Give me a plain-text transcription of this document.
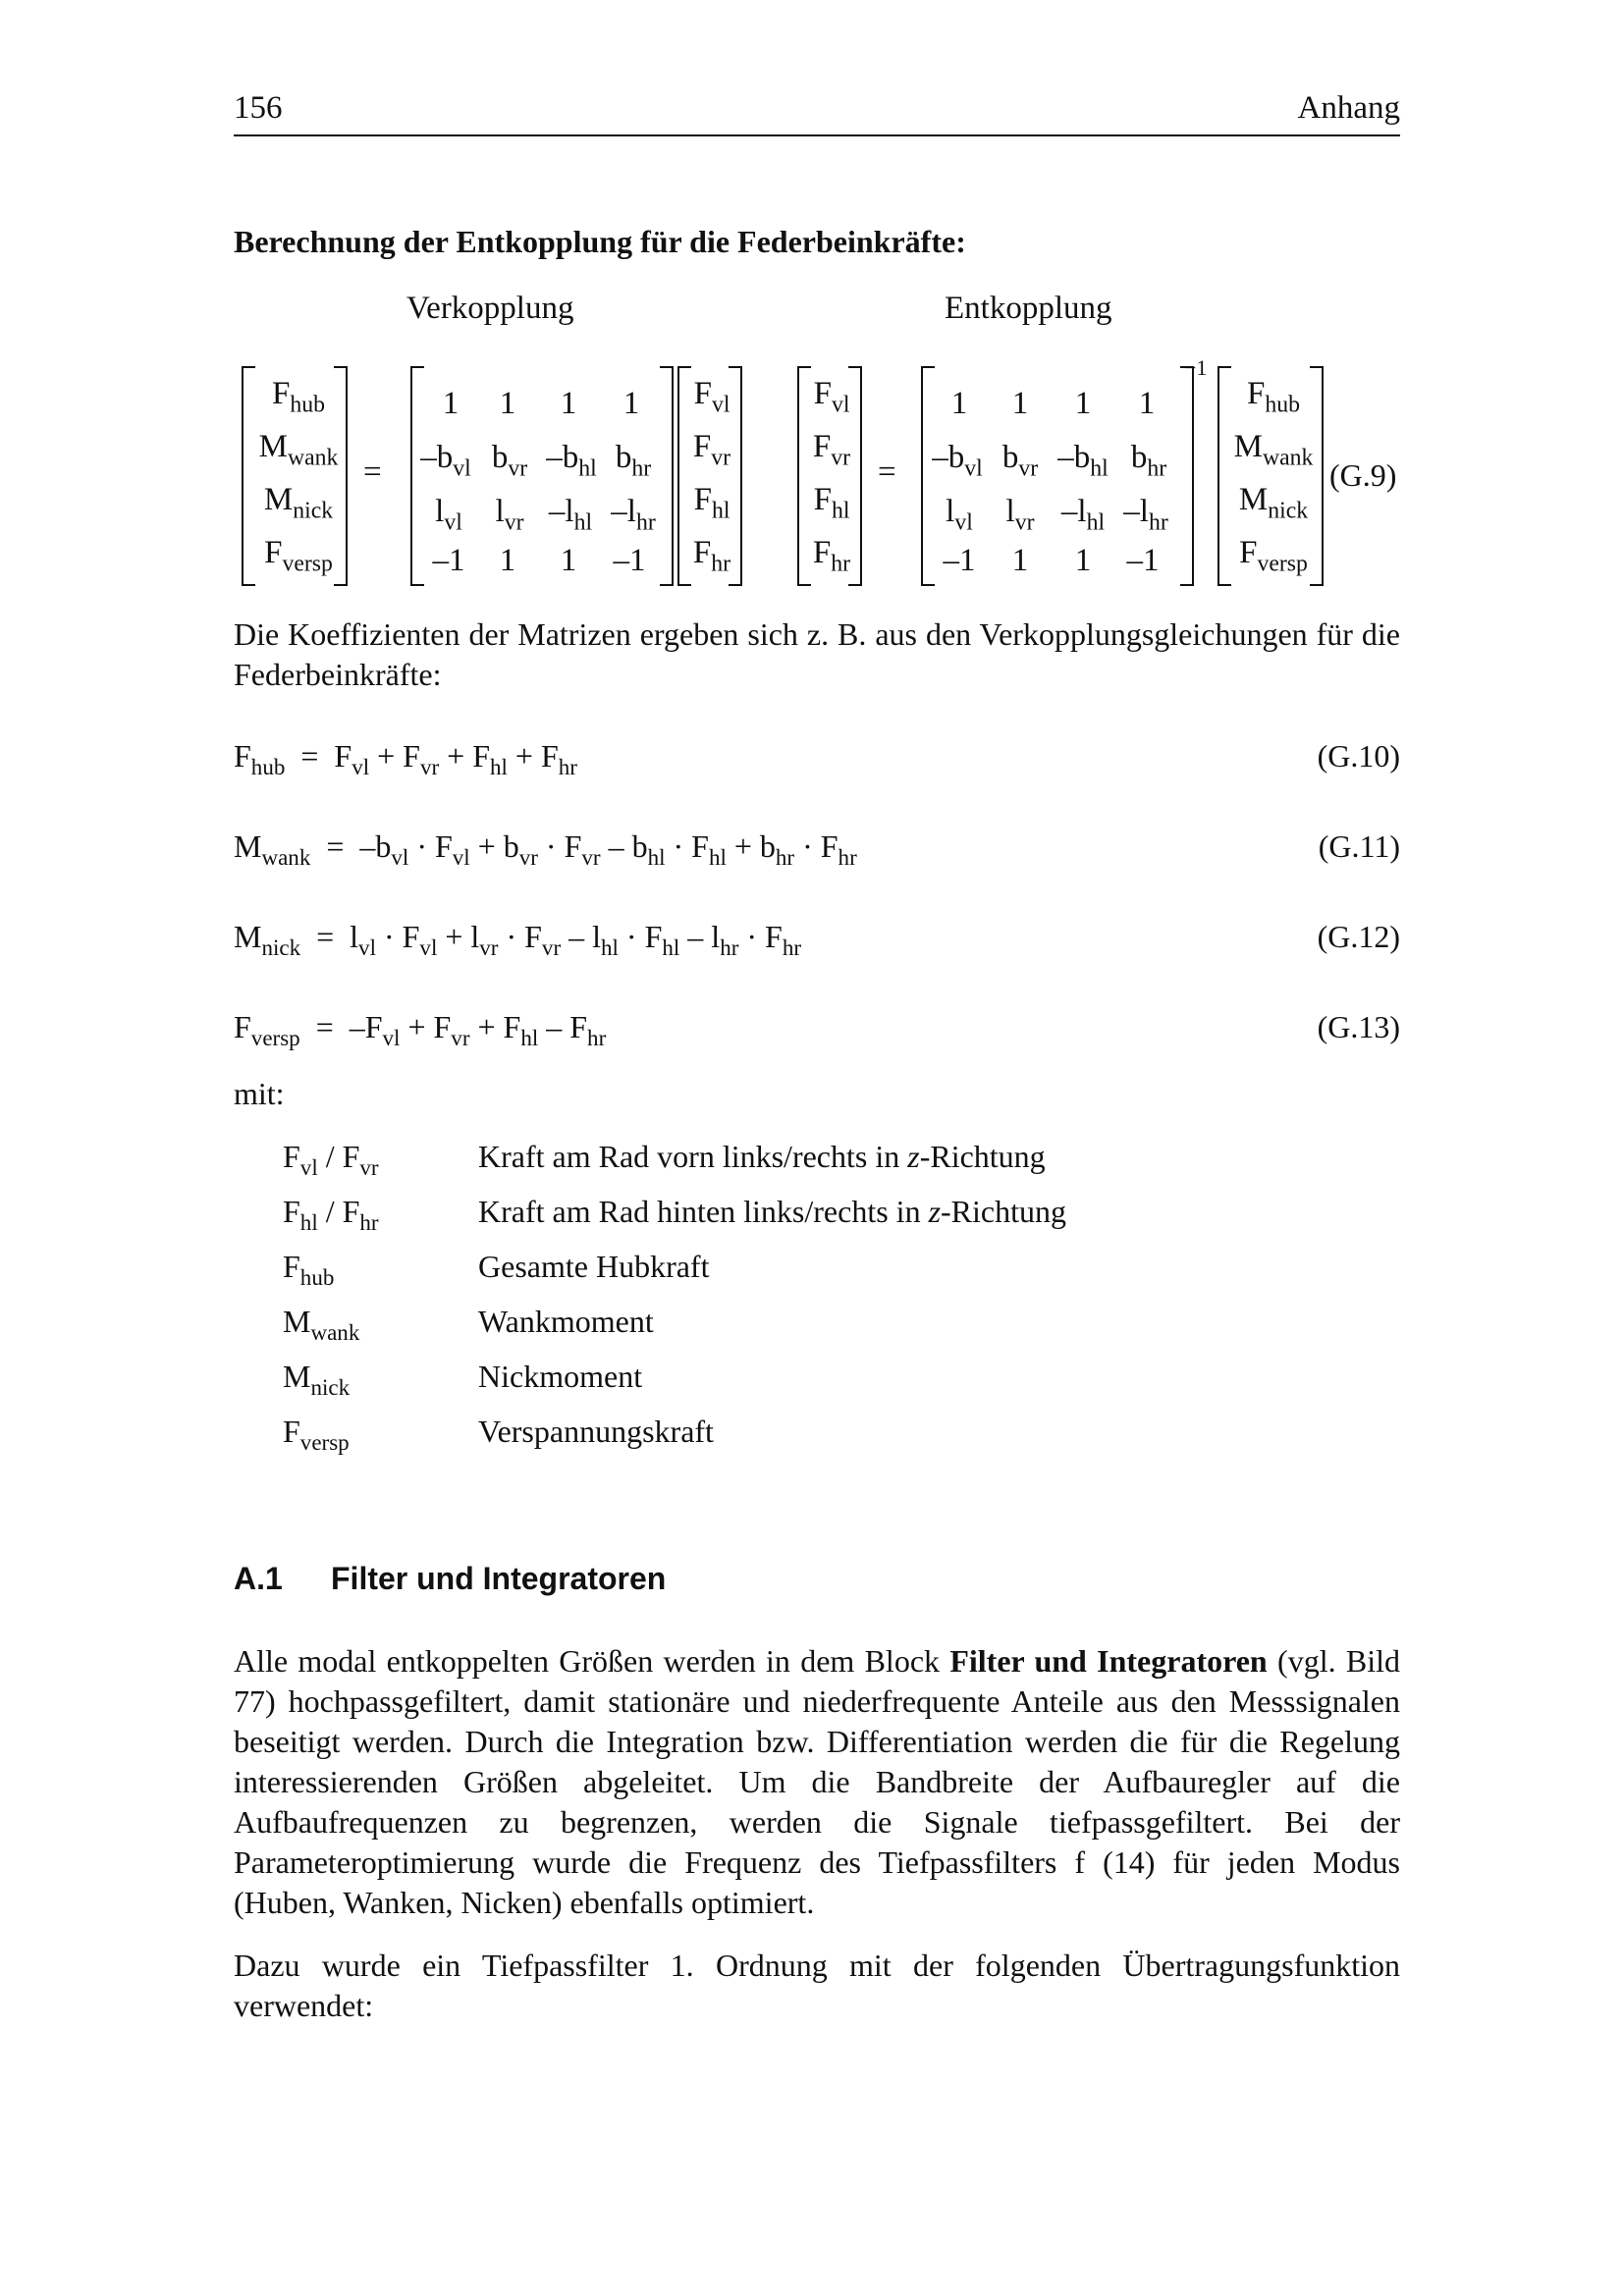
156	Anhang
Berechnung der Entkopplung für die Federbeinkräfte:
Verkopplung	Entkopplung
$F_{hub}$
$M_{wank}$
$M_{nick}$
$F_{versp}$
=
1	1	1	1
$-b_{vl}$ $b_{vr}$ $-b_{hl}$ $b_{hr}$
$l_{vl}$	$l_{vr}$ $-l_{hl}$ $-l_{hr}$
–1	1	1	–1
$F_{vl}$
$F_{vr}$
$F_{hl}$
$F_{hr}$
$F_{vl}$
$F_{vr}$
$F_{hl}$
$F_{hr}$
=
−1
1	1	1	1
$-b_{vl}$ $b_{vr}$ $-b_{hl}$ $b_{hr}$
$l_{vl}$	$l_{vr}$ $-l_{hl}$ $-l_{hr}$
–1	1	1	–1
$F_{hub}$
$M_{wank}$
$M_{nick}$
$F_{versp}$
(G.9)
Die Koeffizienten der Matrizen ergeben sich z. B. aus den Verkopplungsgleichungen für die Federbeinkräfte:
$F_{hub} = F_{vl} + F_{vr} + F_{hl} + F_{hr}$	(G.10)
$M_{wank} = -b_{vl} \cdot F_{vl} + b_{vr} \cdot F_{vr} - b_{hl} \cdot F_{hl} + b_{hr} \cdot F_{hr}$	(G.11)
$M_{nick} = l_{vl} \cdot F_{vl} + l_{vr} \cdot F_{vr} - l_{hl} \cdot F_{hl} - l_{hr} \cdot F_{hr}$	(G.12)
$F_{versp} = -F_{vl} + F_{vr} + F_{hl} - F_{hr}$	(G.13)
mit:
$F_{vl} / F_{vr}$	Kraft am Rad vorn links/rechts in z-Richtung
$F_{hl} / F_{hr}$	Kraft am Rad hinten links/rechts in z-Richtung
$F_{hub}$	Gesamte Hubkraft
$M_{wank}$	Wankmoment
$M_{nick}$	Nickmoment
$F_{versp}$	Verspannungskraft
A.1 Filter und Integratoren
Alle modal entkoppelten Größen werden in dem Block Filter und Integratoren (vgl. Bild 77) hochpassgefiltert, damit stationäre und niederfrequente Anteile aus den Messsignalen beseitigt werden. Durch die Integration bzw. Differentiation werden die für die Regelung interessierenden Größen abgeleitet. Um die Bandbreite der Aufbauregler auf die Aufbaufrequenzen zu begrenzen, werden die Signale tiefpassgefiltert. Bei der Parameteroptimierung wurde die Frequenz des Tiefpassfilters f (14) für jeden Modus (Huben, Wanken, Nicken) ebenfalls optimiert.
Dazu wurde ein Tiefpassfilter 1. Ordnung mit der folgenden Übertragungsfunktion verwendet:
